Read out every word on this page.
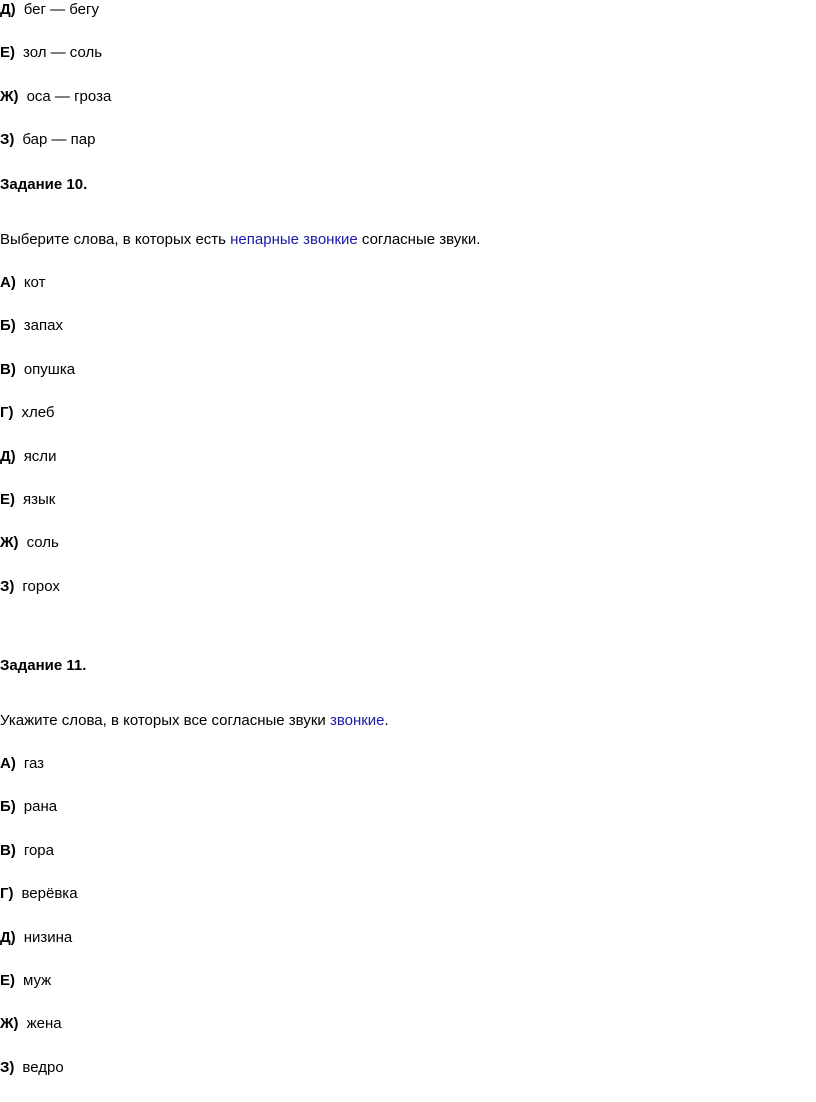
Д) бег — бегу
Е) зол — соль
Ж) оса — гроза
З) бар — пар
Задание 10.
Выберите слова, в которых есть непарные звонкие согласные звуки.
А) кот
Б) запах
В) опушка
Г) хлеб
Д) ясли
Е) язык
Ж) соль
З) горох
Задание 11.
Укажите слова, в которых все согласные звуки звонкие.
А) газ
Б) рана
В) гора
Г) верёвка
Д) низина
Е) муж
Ж) жена
З) ведро
